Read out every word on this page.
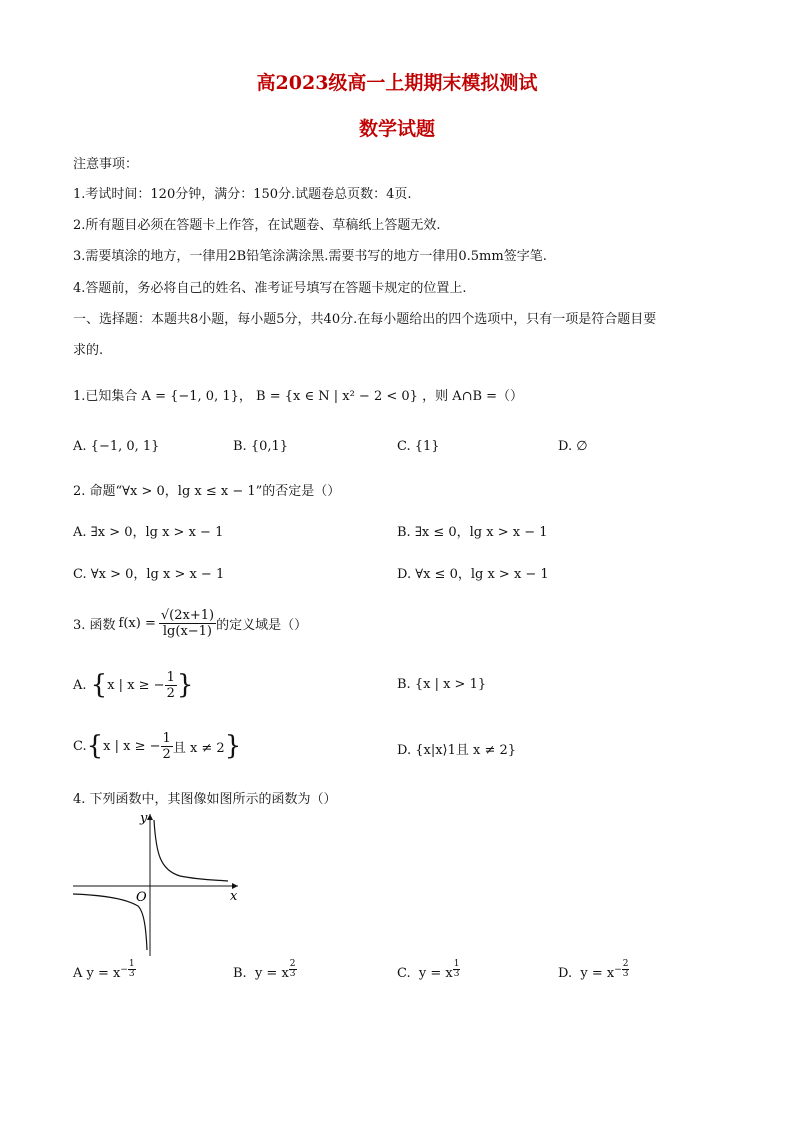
高2023级高一上期期末模拟测试
数学试题
注意事项：
1.考试时间：120分钟，满分：150分.试题卷总页数：4页.
2.所有题目必须在答题卡上作答，在试题卷、草稿纸上答题无效.
3.需要填涂的地方，一律用2B铅笔涂满涂黑.需要书写的地方一律用0.5mm签字笔.
4.答题前，务必将自己的姓名、准考证号填写在答题卡规定的位置上.
一、选择题：本题共8小题，每小题5分，共40分.在每小题给出的四个选项中，只有一项是符合题目要
求的.
1.已知集合 A = {−1, 0, 1}， B = {x ∈ N | x² − 2 < 0} ，则 A∩B =（）
A. {−1, 0, 1}	B. {0,1}	C. {1}	D. ∅
2. 命题“∀x > 0，lg x ≤ x − 1”的否定是（）
A. ∃x > 0，lg x > x − 1	B. ∃x ≤ 0，lg x > x − 1
C. ∀x > 0，lg x > x − 1	D. ∀x ≤ 0，lg x > x − 1
3. 函数 $f(x) = \frac{√(2x+1)}{\lg(x-1)}$ 的定义域是（）
A.
{ x | x ≥ − $\frac{1}{2}$ }	B. {x | x > 1}
C. { x | x ≥ − $\frac{1}{2}$ 且 x ≠ 2 }	D. {x|x⟩1且 x ≠ 2}
4. 下列函数中，其图像如图所示的函数为（）
y
x
O
A $y = x- \frac{1}{3}$	B. y = x $\frac{2}{3}$	C. y = x $\frac{1}{3}$	D. $y = x- \frac{2}{3}$
